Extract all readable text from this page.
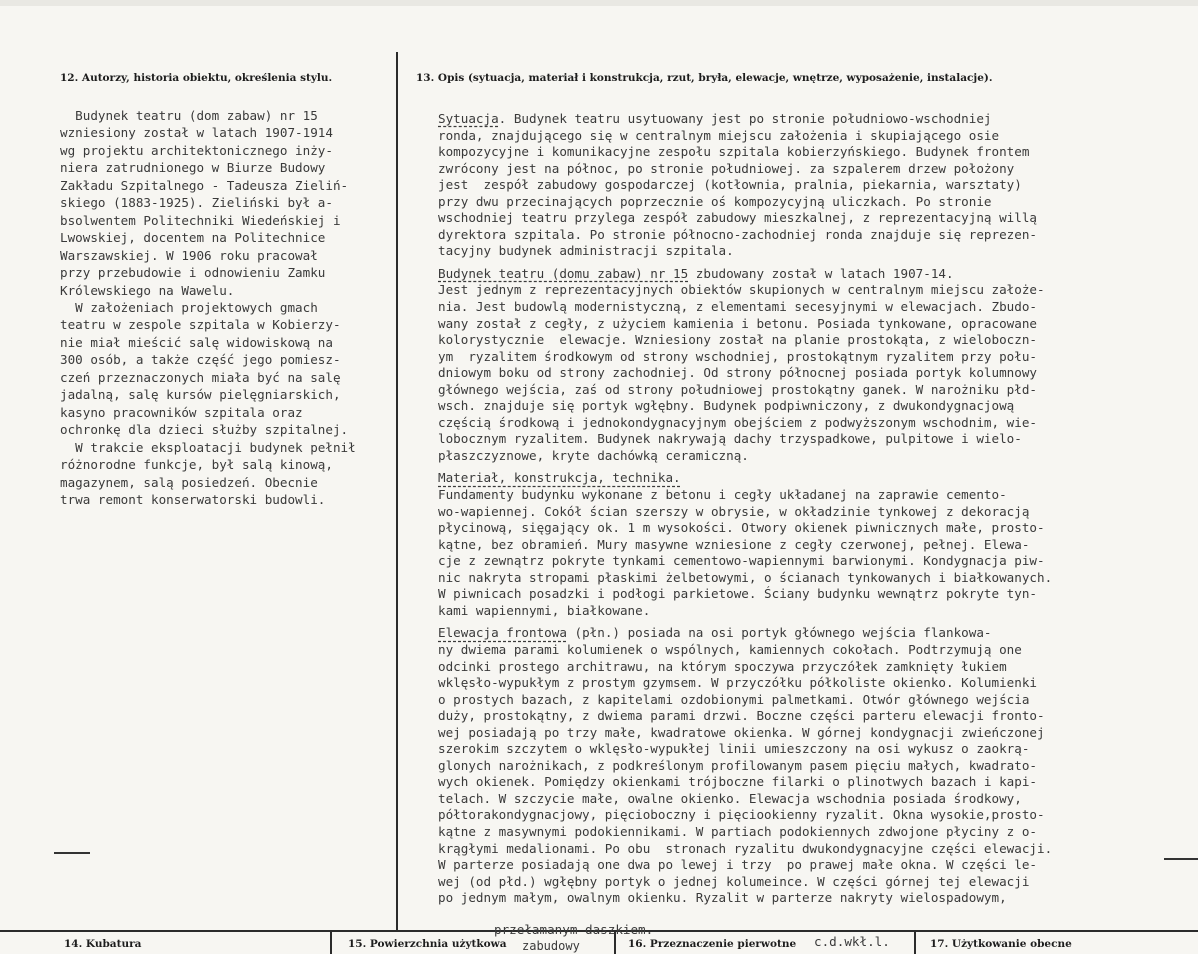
12. Autorzy, historia obiektu, określenia stylu.	13. Opis (sytuacja, materiał i konstrukcja, rzut, bryła, elewacje, wnętrze, wyposażenie, instalacje).
Budynek teatru (dom zabaw) nr 15
wzniesiony został w latach 1907-1914
wg projektu architektonicznego inży-
niera zatrudnionego w Biurze Budowy
Zakładu Szpitalnego - Tadeusza Zieliń-
skiego (1883-1925). Zieliński był a-
bsolwentem Politechniki Wiedeńskiej i
Lwowskiej, docentem na Politechnice
Warszawskiej. W 1906 roku pracował
przy przebudowie i odnowieniu Zamku
Królewskiego na Wawelu.
W założeniach projektowych gmach
teatru w zespole szpitala w Kobierzy-
nie miał mieścić salę widowiskową na
300 osób, a także część jego pomiesz-
czeń przeznaczonych miała być na salę
jadalną, salę kursów pielęgniarskich,
kasyno pracowników szpitala oraz
ochronkę dla dzieci służby szpitalnej.
W trakcie eksploatacji budynek pełnił
różnorodne funkcje, był salą kinową,
magazynem, salą posiedzeń. Obecnie
trwa remont konserwatorski budowli.
Sytuacja. Budynek teatru usytuowany jest po stronie południowo-wschodniej
ronda, znajdującego się w centralnym miejscu założenia i skupiającego osie
kompozycyjne i komunikacyjne zespołu szpitala kobierzyńskiego. Budynek frontem
zwrócony jest na północ, po stronie południowej. za szpalerem drzew położony
jest  zespół zabudowy gospodarczej (kotłownia, pralnia, piekarnia, warsztaty)
przy dwu przecinających poprzecznie oś kompozycyjną uliczkach. Po stronie
wschodniej teatru przylega zespół zabudowy mieszkalnej, z reprezentacyjną willą
dyrektora szpitala. Po stronie północno-zachodniej ronda znajduje się reprezen-
tacyjny budynek administracji szpitala.
Budynek teatru (domu zabaw) nr 15 zbudowany został w latach 1907-14.
Jest jednym z reprezentacyjnych obiektów skupionych w centralnym miejscu założe-
nia. Jest budowlą modernistyczną, z elementami secesyjnymi w elewacjach. Zbudo-
wany został z cegły, z użyciem kamienia i betonu. Posiada tynkowane, opracowane
kolorystycznie  elewacje. Wzniesiony został na planie prostokąta, z wieloboczn-
ym  ryzalitem środkowym od strony wschodniej, prostokątnym ryzalitem przy połu-
dniowym boku od strony zachodniej. Od strony północnej posiada portyk kolumnowy
głównego wejścia, zaś od strony południowej prostokątny ganek. W narożniku płd-
wsch. znajduje się portyk wgłębny. Budynek podpiwniczony, z dwukondygnacjową
częścią środkową i jednokondygnacyjnym obejściem z podwyższonym wschodnim, wie-
lobocznym ryzalitem. Budynek nakrywają dachy trzyspadkowe, pulpitowe i wielo-
płaszczyznowe, kryte dachówką ceramiczną.
Materiał, konstrukcja, technika.
Fundamenty budynku wykonane z betonu i cegły układanej na zaprawie cemento-
wo-wapiennej. Cokół ścian szerszy w obrysie, w okładzinie tynkowej z dekoracją
płycinową, sięgający ok. 1 m wysokości. Otwory okienek piwnicznych małe, prosto-
kątne, bez obramień. Mury masywne wzniesione z cegły czerwonej, pełnej. Elewa-
cje z zewnątrz pokryte tynkami cementowo-wapiennymi barwionymi. Kondygnacja piw-
nic nakryta stropami płaskimi żelbetowymi, o ścianach tynkowanych i białkowanych.
W piwnicach posadzki i podłogi parkietowe. Ściany budynku wewnątrz pokryte tyn-
kami wapiennymi, białkowane.
Elewacja frontowa (płn.) posiada na osi portyk głównego wejścia flankowa-
ny dwiema parami kolumienek o wspólnych, kamiennych cokołach. Podtrzymują one
odcinki prostego architrawu, na którym spoczywa przyczółek zamknięty łukiem
wklęsło-wypukłym z prostym gzymsem. W przyczółku półkoliste okienko. Kolumienki
o prostych bazach, z kapitelami ozdobionymi palmetkami. Otwór głównego wejścia
duży, prostokątny, z dwiema parami drzwi. Boczne części parteru elewacji fronto-
wej posiadają po trzy małe, kwadratowe okienka. W górnej kondygnacji zwieńczonej
szerokim szczytem o wklęsło-wypukłej linii umieszczony na osi wykusz o zaokrą-
glonych narożnikach, z podkreślonym profilowanym pasem pięciu małych, kwadrato-
wych okienek. Pomiędzy okienkami trójboczne filarki o plinotwych bazach i kapi-
telach. W szczycie małe, owalne okienko. Elewacja wschodnia posiada środkowy,
półtorakondygnacjowy, pięcioboczny i pięciookienny ryzalit. Okna wysokie,prosto-
kątne z masywnymi podokiennikami. W partiach podokiennych zdwojone płyciny z o-
krągłymi medalionami. Po obu  stronach ryzalitu dwukondygnacyjne części elewacji.
W parterze posiadają one dwa po lewej i trzy  po prawej małe okna. W części le-
wej (od płd.) wgłębny portyk o jednej kolumeince. W części górnej tej elewacji
po jednym małym, owalnym okienku. Ryzalit w parterze nakryty wielospadowym,
14. Kubatura	15. Powierzchnia użytkowa	16. Przeznaczenie pierwotne c.d.wkł.l.	17. Użytkowanie obecne
przełamanym daszkiem.
zabudowy
